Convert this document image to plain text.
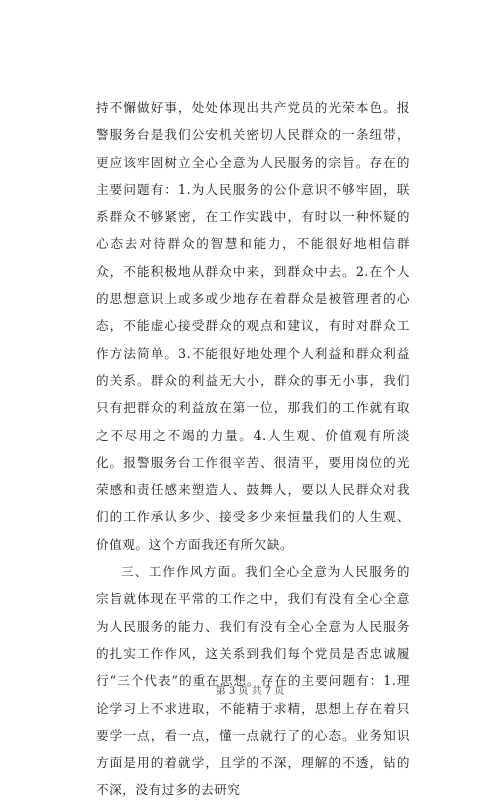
持不懈做好事，处处体现出共产党员的光荣本色。报警服务台是我们公安机关密切人民群众的一条纽带，更应该牢固树立全心全意为人民服务的宗旨。存在的主要问题有：1.为人民服务的公仆意识不够牢固，联系群众不够紧密，在工作实践中，有时以一种怀疑的心态去对待群众的智慧和能力，不能很好地相信群众，不能积极地从群众中来，到群众中去。2.在个人的思想意识上或多或少地存在着群众是被管理者的心态，不能虚心接受群众的观点和建议，有时对群众工作方法简单。3.不能很好地处理个人利益和群众利益的关系。群众的利益无大小，群众的事无小事，我们只有把群众的利益放在第一位，那我们的工作就有取之不尽用之不竭的力量。4.人生观、价值观有所淡化。报警服务台工作很辛苦、很清平，要用岗位的光荣感和责任感来塑造人、鼓舞人，要以人民群众对我们的工作承认多少、接受多少来恒量我们的人生观、价值观。这个方面我还有所欠缺。

三、工作作风方面。我们全心全意为人民服务的宗旨就体现在平常的工作之中，我们有没有全心全意为人民服务的能力、我们有没有全心全意为人民服务的扎实工作作风，这关系到我们每个党员是否忠诚履行“三个代表”的重在思想。存在的主要问题有：1.理论学习上不求进取，不能精于求精，思想上存在着只要学一点，看一点，懂一点就行了的心态。业务知识方面是用的着就学，且学的不深，理解的不透，钻的不深，没有过多的去研究

第 3 页 共 7 页
